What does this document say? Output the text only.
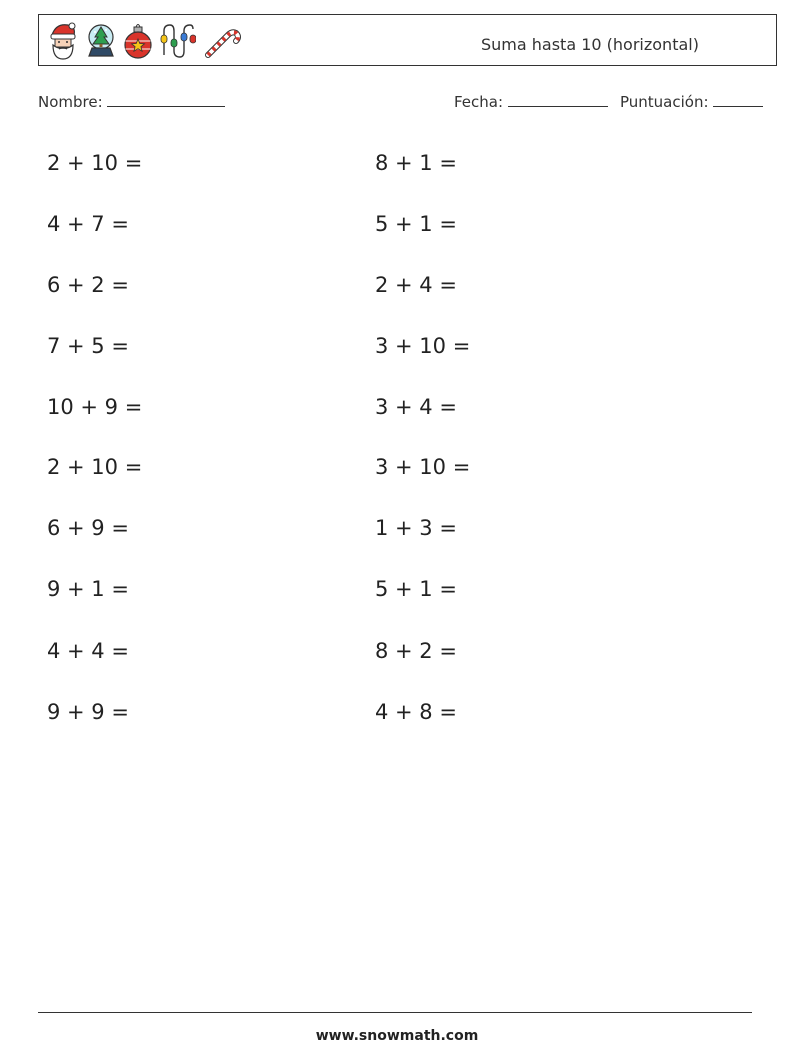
Suma hasta 10 (horizontal)
Nombre:	Fecha:	Puntuación:
2 + 10 =
4 + 7 =
6 + 2 =
7 + 5 =
10 + 9 =
2 + 10 =
6 + 9 =
9 + 1 =
4 + 4 =
9 + 9 =
8 + 1 =
5 + 1 =
2 + 4 =
3 + 10 =
3 + 4 =
3 + 10 =
1 + 3 =
5 + 1 =
8 + 2 =
4 + 8 =
www.snowmath.com
